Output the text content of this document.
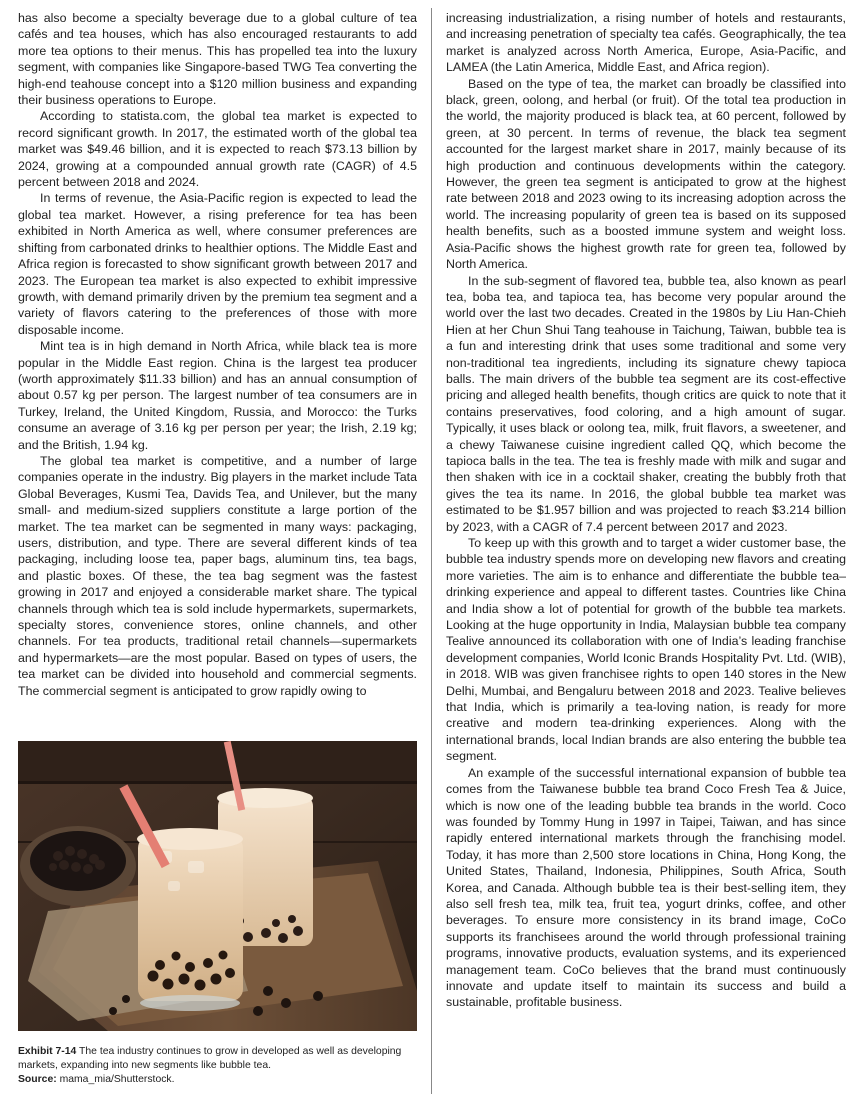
has also become a specialty beverage due to a global culture of tea cafés and tea houses, which has also encouraged restaurants to add more tea options to their menus. This has propelled tea into the luxury segment, with companies like Singapore-based TWG Tea converting the high-end teahouse concept into a $120 million business and expanding their business operations to Europe.

According to statista.com, the global tea market is expected to record significant growth. In 2017, the estimated worth of the global tea market was $49.46 billion, and it is expected to reach $73.13 billion by 2024, growing at a compounded annual growth rate (CAGR) of 4.5 percent between 2018 and 2024.

In terms of revenue, the Asia-Pacific region is expected to lead the global tea market. However, a rising preference for tea has been exhibited in North America as well, where consumer preferences are shifting from carbonated drinks to healthier options. The Middle East and Africa region is forecasted to show significant growth between 2017 and 2023. The European tea market is also expected to exhibit impressive growth, with demand primarily driven by the premium tea segment and a variety of flavors catering to the preferences of those with more disposable income.

Mint tea is in high demand in North Africa, while black tea is more popular in the Middle East region. China is the largest tea producer (worth approximately $11.33 billion) and has an annual consumption of about 0.57 kg per person. The largest number of tea consumers are in Turkey, Ireland, the United Kingdom, Russia, and Morocco: the Turks consume an average of 3.16 kg per person per year; the Irish, 2.19 kg; and the British, 1.94 kg.

The global tea market is competitive, and a number of large companies operate in the industry. Big players in the market include Tata Global Beverages, Kusmi Tea, Davids Tea, and Unilever, but the many small- and medium-sized suppliers constitute a large portion of the market. The tea market can be segmented in many ways: packaging, users, distribution, and type. There are several different kinds of tea packaging, including loose tea, paper bags, aluminum tins, tea bags, and plastic boxes. Of these, the tea bag segment was the fastest growing in 2017 and enjoyed a considerable market share. The typical channels through which tea is sold include hypermarkets, supermarkets, specialty stores, convenience stores, online channels, and other channels. For tea products, traditional retail channels—supermarkets and hypermarkets—are the most popular. Based on types of users, the tea market can be divided into household and commercial segments. The commercial segment is anticipated to grow rapidly owing to

Exhibit 7-14 The tea industry continues to grow in developed as well as developing markets, expanding into new segments like bubble tea.
Source: mama_mia/Shutterstock.

increasing industrialization, a rising number of hotels and restaurants, and increasing penetration of specialty tea cafés. Geographically, the tea market is analyzed across North America, Europe, Asia-Pacific, and LAMEA (the Latin America, Middle East, and Africa region).

Based on the type of tea, the market can broadly be classified into black, green, oolong, and herbal (or fruit). Of the total tea production in the world, the majority produced is black tea, at 60 percent, followed by green, at 30 percent. In terms of revenue, the black tea segment accounted for the largest market share in 2017, mainly because of its high production and continuous developments within the category. However, the green tea segment is anticipated to grow at the highest rate between 2018 and 2023 owing to its increasing adoption across the world. The increasing popularity of green tea is based on its supposed health benefits, such as a boosted immune system and weight loss. Asia-Pacific shows the highest growth rate for green tea, followed by North America.

In the sub-segment of flavored tea, bubble tea, also known as pearl tea, boba tea, and tapioca tea, has become very popular around the world over the last two decades. Created in the 1980s by Liu Han-Chieh Hien at her Chun Shui Tang teahouse in Taichung, Taiwan, bubble tea is a fun and interesting drink that uses some traditional and some very non-traditional tea ingredients, including its signature chewy tapioca balls. The main drivers of the bubble tea segment are its cost-effective pricing and alleged health benefits, though critics are quick to note that it contains preservatives, food coloring, and a high amount of sugar. Typically, it uses black or oolong tea, milk, fruit flavors, a sweetener, and a chewy Taiwanese cuisine ingredient called QQ, which become the tapioca balls in the tea. The tea is freshly made with milk and sugar and then shaken with ice in a cocktail shaker, creating the bubbly froth that gives the tea its name. In 2016, the global bubble tea market was estimated to be $1.957 billion and was projected to reach $3.214 billion by 2023, with a CAGR of 7.4 percent between 2017 and 2023.

To keep up with this growth and to target a wider customer base, the bubble tea industry spends more on developing new flavors and creating more varieties. The aim is to enhance and differentiate the bubble tea–drinking experience and appeal to different tastes. Countries like China and India show a lot of potential for growth of the bubble tea markets. Looking at the huge opportunity in India, Malaysian bubble tea company Tealive announced its collaboration with one of India’s leading franchise development companies, World Iconic Brands Hospitality Pvt. Ltd. (WIB), in 2018. WIB was given franchisee rights to open 140 stores in the New Delhi, Mumbai, and Bengaluru between 2018 and 2023. Tealive believes that India, which is primarily a tea-loving nation, is ready for more creative and modern tea-drinking experiences. Along with the international brands, local Indian brands are also entering the bubble tea segment.

An example of the successful international expansion of bubble tea comes from the Taiwanese bubble tea brand Coco Fresh Tea & Juice, which is now one of the leading bubble tea brands in the world. Coco was founded by Tommy Hung in 1997 in Taipei, Taiwan, and has since rapidly entered international markets through the franchising model. Today, it has more than 2,500 store locations in China, Hong Kong, the United States, Thailand, Indonesia, Philippines, South Africa, South Korea, and Canada. Although bubble tea is their best-selling item, they also sell fresh tea, milk tea, fruit tea, yogurt drinks, coffee, and other beverages. To ensure more consistency in its brand image, CoCo supports its franchisees around the world through professional training programs, innovative products, evaluation systems, and its experienced management team. CoCo believes that the brand must continuously innovate and update itself to maintain its success and build a sustainable, profitable business.
